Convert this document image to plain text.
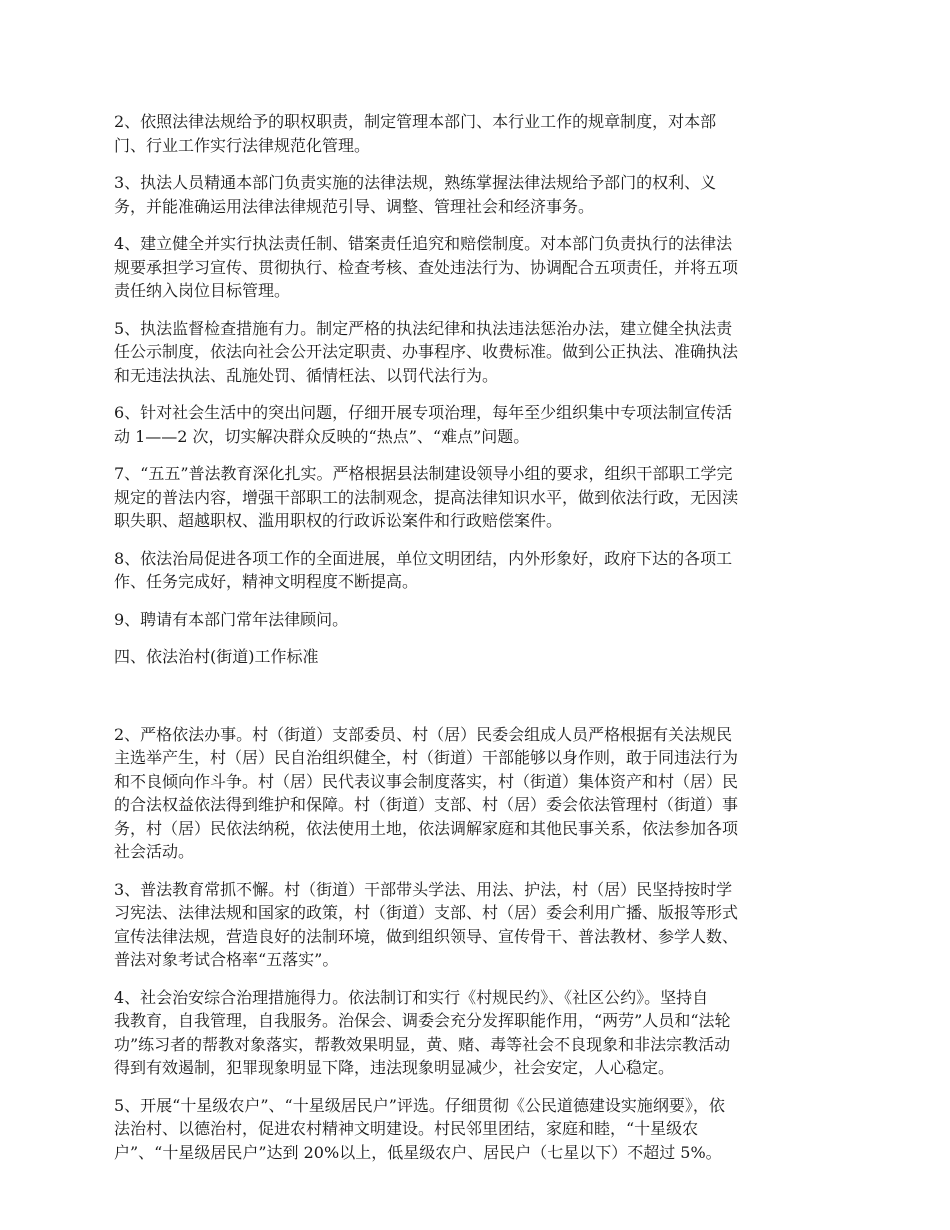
2、依照法律法规给予的职权职责，制定管理本部门、本行业工作的规章制度，对本部
门、行业工作实行法律规范化管理。

3、执法人员精通本部门负责实施的法律法规，熟练掌握法律法规给予部门的权利、义
务，并能准确运用法律法律规范引导、调整、管理社会和经济事务。

4、建立健全并实行执法责任制、错案责任追究和赔偿制度。对本部门负责执行的法律法
规要承担学习宣传、贯彻执行、检查考核、查处违法行为、协调配合五项责任，并将五项
责任纳入岗位目标管理。

5、执法监督检查措施有力。制定严格的执法纪律和执法违法惩治办法，建立健全执法责
任公示制度，依法向社会公开法定职责、办事程序、收费标准。做到公正执法、准确执法
和无违法执法、乱施处罚、循情枉法、以罚代法行为。

6、针对社会生活中的突出问题，仔细开展专项治理，每年至少组织集中专项法制宣传活
动 1——2 次，切实解决群众反映的“热点”、“难点”问题。

7、“五五”普法教育深化扎实。严格根据县法制建设领导小组的要求，组织干部职工学完
规定的普法内容，增强干部职工的法制观念，提高法律知识水平，做到依法行政，无因渎
职失职、超越职权、滥用职权的行政诉讼案件和行政赔偿案件。

8、依法治局促进各项工作的全面进展，单位文明团结，内外形象好，政府下达的各项工
作、任务完成好，精神文明程度不断提高。

9、聘请有本部门常年法律顾问。

四、依法治村(街道)工作标准

2、严格依法办事。村（街道）支部委员、村（居）民委会组成人员严格根据有关法规民
主选举产生，村（居）民自治组织健全，村（街道）干部能够以身作则，敢于同违法行为
和不良倾向作斗争。村（居）民代表议事会制度落实，村（街道）集体资产和村（居）民
的合法权益依法得到维护和保障。村（街道）支部、村（居）委会依法管理村（街道）事
务，村（居）民依法纳税，依法使用土地，依法调解家庭和其他民事关系，依法参加各项
社会活动。

3、普法教育常抓不懈。村（街道）干部带头学法、用法、护法，村（居）民坚持按时学
习宪法、法律法规和国家的政策，村（街道）支部、村（居）委会利用广播、版报等形式
宣传法律法规，营造良好的法制环境，做到组织领导、宣传骨干、普法教材、参学人数、
普法对象考试合格率“五落实”。

4、社会治安综合治理措施得力。依法制订和实行《村规民约》、《社区公约》。坚持自
我教育，自我管理，自我服务。治保会、调委会充分发挥职能作用，“两劳”人员和“法轮
功”练习者的帮教对象落实，帮教效果明显，黄、赌、毒等社会不良现象和非法宗教活动
得到有效遏制，犯罪现象明显下降，违法现象明显减少，社会安定，人心稳定。

5、开展“十星级农户”、“十星级居民户”评选。仔细贯彻《公民道德建设实施纲要》，依
法治村、以德治村，促进农村精神文明建设。村民邻里团结，家庭和睦，“十星级农
户”、“十星级居民户”达到 20%以上，低星级农户、居民户（七星以下）不超过 5%。
